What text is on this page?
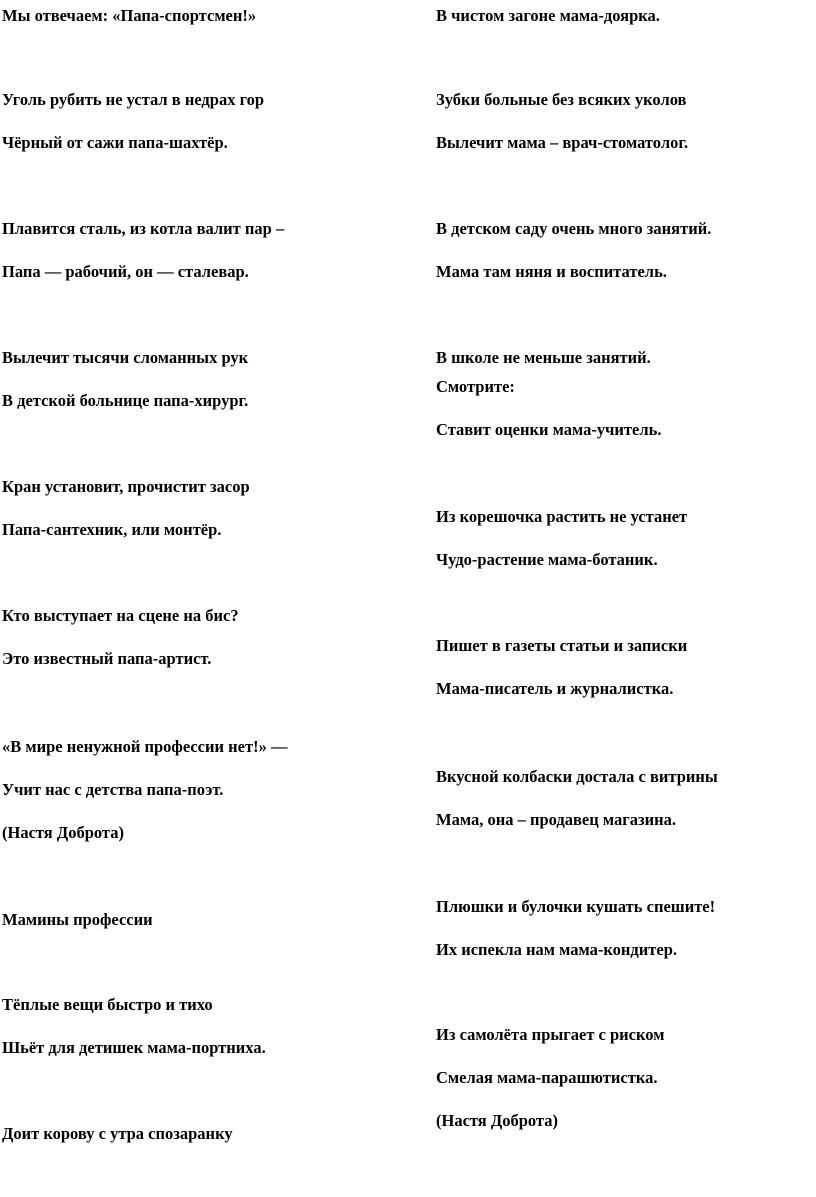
Мы отвечаем: «Папа-спортсмен!»
Уголь рубить не устал в недрах гор
Чёрный от сажи папа-шахтёр.
Плавится сталь, из котла валит пар –
Папа — рабочий, он — сталевар.
Вылечит тысячи сломанных рук
В детской больнице папа-хирург.
Кран установит, прочистит засор
Папа-сантехник, или монтёр.
Кто выступает на сцене на бис?
Это известный папа-артист.
«В мире ненужной профессии нет!» —
Учит нас с детства папа-поэт.
(Настя Доброта)
Мамины профессии
Тёплые вещи быстро и тихо
Шьёт для детишек мама-портниха.
Доит корову с утра спозаранку
В чистом загоне мама-доярка.
Зубки больные без всяких уколов
Вылечит мама – врач-стоматолог.
В детском саду очень много занятий.
Мама там няня и воспитатель.
В школе не меньше занятий.
Смотрите:
Ставит оценки мама-учитель.
Из корешочка растить не устанет
Чудо-растение мама-ботаник.
Пишет в газеты статьи и записки
Мама-писатель и журналистка.
Вкусной колбаски достала с витрины
Мама, она – продавец магазина.
Плюшки и булочки кушать спешите!
Их испекла нам мама-кондитер.
Из самолёта прыгает с риском
Смелая мама-парашютистка.
(Настя Доброта)
